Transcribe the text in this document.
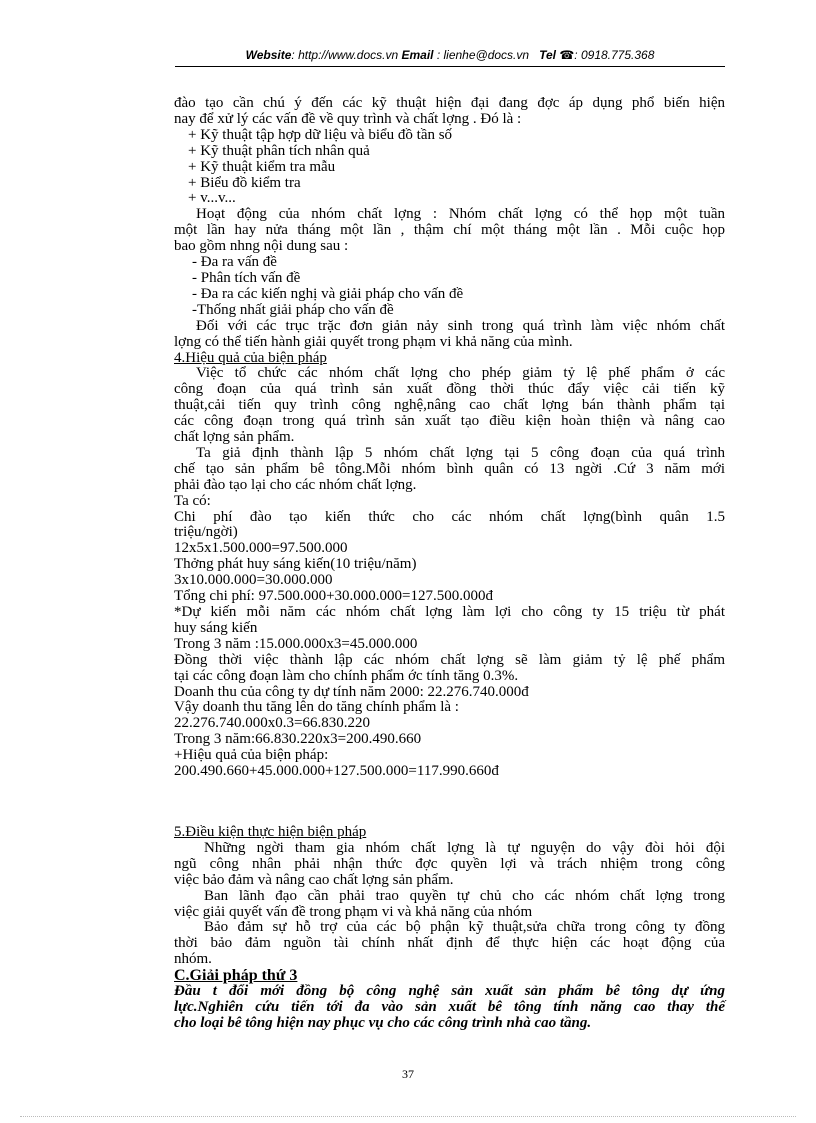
Website: http://www.docs.vn Email : lienhe@docs.vn Tel ☎: 0918.775.368

đào tạo cần chú ý đến các kỹ thuật hiện đại đang đợc áp dụng phổ biến hiện

nay để xử lý các vấn đề về quy trình và chất lợng . Đó là :

+ Kỹ thuật tập hợp dữ liệu và biểu đồ tần số

+ Kỹ thuật phân tích nhân quả

+ Kỹ thuật kiểm tra mẫu

+ Biểu đồ kiểm tra

+ v...v...

Hoạt động của nhóm chất lợng : Nhóm chất lợng có thể họp một tuần

một lần hay nửa tháng một lần , thậm chí một tháng một lần . Mỗi cuộc họp

bao gồm nhng nội dung sau :

- Đa ra vấn đề

- Phân tích vấn đề

- Đa ra các kiến nghị và giải pháp cho vấn đề

-Thống nhất giải pháp cho vấn đề

Đối với các trục trặc đơn giản nảy sinh trong quá trình làm việc nhóm chất

lợng có thể tiến hành giải quyết trong phạm vi khả năng của mình.

4.Hiệu quả của biện pháp

Việc tổ chức các nhóm chất lợng cho phép giảm tỷ lệ phế phẩm ở các

công đoạn của quá trình sản xuất đồng thời thúc đẩy việc cải tiến kỹ

thuật,cải tiến quy trình công nghệ,nâng cao chất lợng bán thành phẩm tại

các công đoạn trong quá trình sản xuất tạo điều kiện hoàn thiện và nâng cao

chất lợng sản phẩm.

Ta giả định thành lập 5 nhóm chất lợng tại 5 công đoạn của quá trình

chế tạo sản phẩm bê tông.Mỗi nhóm bình quân có 13 ngời .Cứ 3 năm mới

phải đào tạo lại cho các nhóm chất lợng.

Ta có:

Chi phí đào tạo kiến thức cho các nhóm chất lợng(bình quân 1.5

triệu/ngời)

12x5x1.500.000=97.500.000

Thởng phát huy sáng kiến(10 triệu/năm)

3x10.000.000=30.000.000

Tổng chi phí: 97.500.000+30.000.000=127.500.000đ

*Dự kiến mỗi năm các nhóm chất lợng làm lợi cho công ty 15 triệu từ phát

huy sáng kiến

Trong 3 năm :15.000.000x3=45.000.000

Đồng thời việc thành lập các nhóm chất lợng sẽ làm giảm tỷ lệ phế phẩm

tại các công đoạn làm cho chính phẩm ớc tính tăng 0.3%.

Doanh thu của công ty dự tính năm 2000: 22.276.740.000đ

Vậy doanh thu tăng lên do tăng chính phẩm là :

22.276.740.000x0.3=66.830.220

Trong 3 năm:66.830.220x3=200.490.660

+Hiệu quả của biện pháp:

200.490.660+45.000.000+127.500.000=117.990.660đ

5.Điều kiện thực hiện biện pháp

Những ngời tham gia nhóm chất lợng là tự nguyện do vậy đòi hỏi đội

ngũ công nhân phải nhận thức đợc quyền lợi và trách nhiệm trong công

việc bảo đảm và nâng cao chất lợng sản phẩm.

Ban lãnh đạo cần phải trao quyền tự chủ cho các nhóm chất lợng trong

việc giải quyết vấn đề trong phạm vi và khả năng của nhóm

Bảo đảm sự hỗ trợ của các bộ phận kỹ thuật,sửa chữa trong công ty đồng

thời bảo đảm nguồn tài chính nhất định để thực hiện các hoạt động của

nhóm.

C.Giải pháp thứ 3

Đầu t đổi mới đồng bộ công nghệ sản xuất sản phẩm bê tông dự ứng

lực.Nghiên cứu tiến tới đa vào sản xuất bê tông tính năng cao thay thế

cho loại bê tông hiện nay phục vụ cho các công trình nhà cao tầng.

37
